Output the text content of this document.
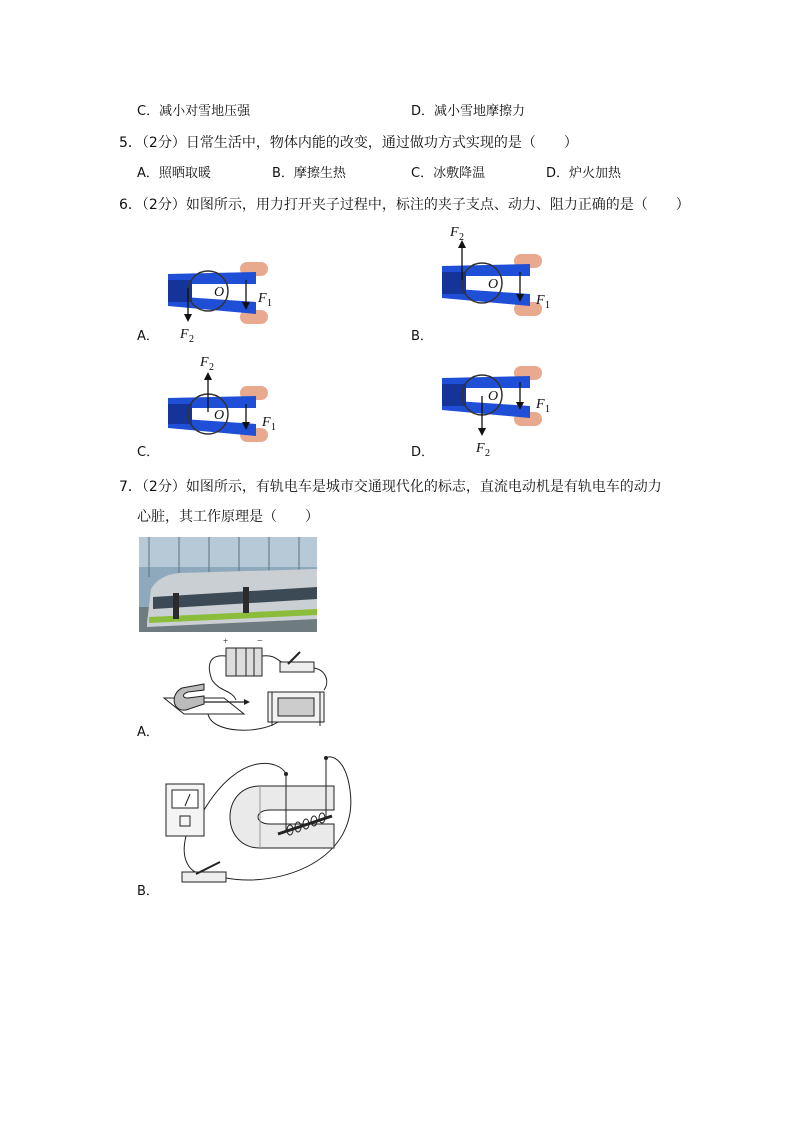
C．减小对雪地压强	D．减小雪地摩擦力
5．（2分）日常生活中，物体内能的改变，通过做功方式实现的是（　　）
A．照晒取暖	B．摩擦生热	C．冰敷降温	D．炉火加热
6．（2分）如图所示，用力打开夹子过程中，标注的夹子支点、动力、阻力正确的是（　　）
O F 1
F 2
A．
O
F 1
F 2
B．
O	F 1
F 2
C．
O
F 1
F 2
D．
7．（2分）如图所示，有轨电车是城市交通现代化的标志，直流电动机是有轨电车的动力
心脏，其工作原理是（　　）
+	−
A．
B．
